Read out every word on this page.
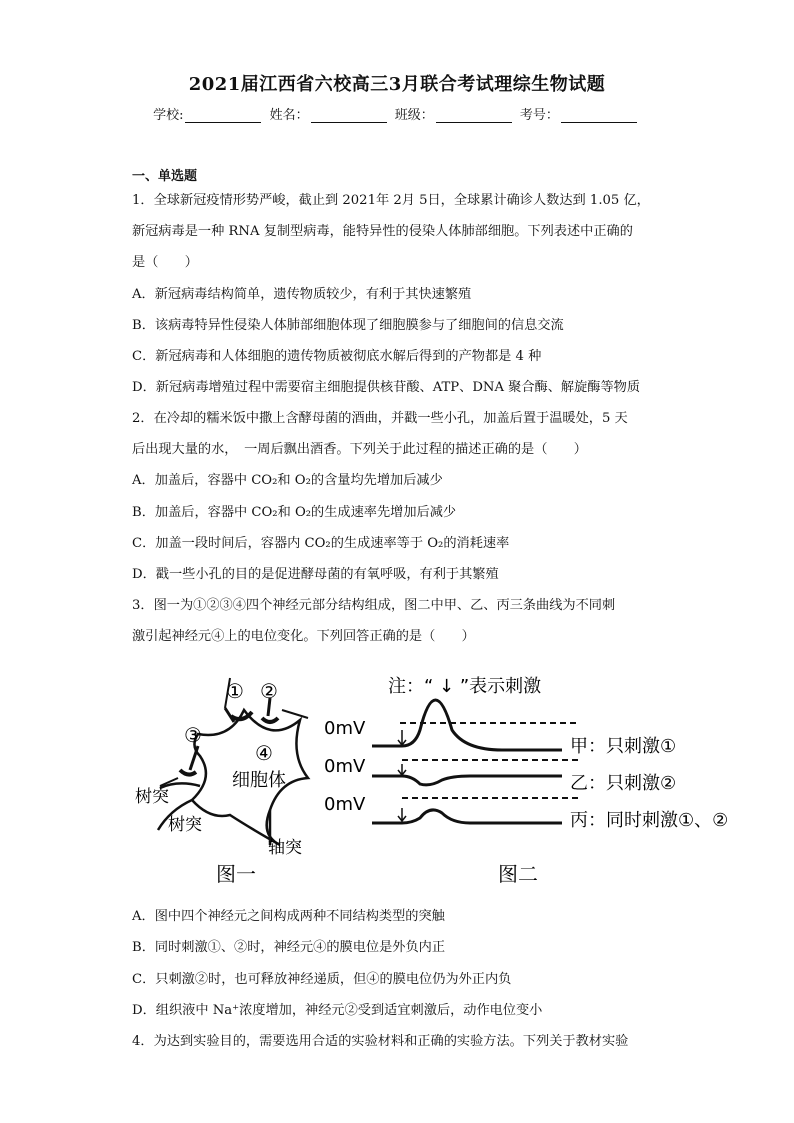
2021届江西省六校高三3月联合考试理综生物试题
学校:	姓名：	班级：	考号：
一、单选题
1．全球新冠疫情形势严峻，截止到 2021年 2月 5日，全球累计确诊人数达到 1.05 亿，
新冠病毒是一种 RNA 复制型病毒，能特异性的侵染人体肺部细胞。下列表述中正确的
是（　　）
A．新冠病毒结构简单，遗传物质较少，有利于其快速繁殖
B．该病毒特异性侵染人体肺部细胞体现了细胞膜参与了细胞间的信息交流
C．新冠病毒和人体细胞的遗传物质被彻底水解后得到的产物都是 4 种
D．新冠病毒增殖过程中需要宿主细胞提供核苷酸、ATP、DNA 聚合酶、解旋酶等物质
2．在冷却的糯米饭中撒上含酵母菌的酒曲，并戳一些小孔，加盖后置于温暖处，5 天
后出现大量的水，　一周后飘出酒香。下列关于此过程的描述正确的是（　　）
A．加盖后，容器中 CO₂和 O₂的含量均先增加后减少
B．加盖后，容器中 CO₂和 O₂的生成速率先增加后减少
C．加盖一段时间后，容器内 CO₂的生成速率等于 O₂的消耗速率
D．戳一些小孔的目的是促进酵母菌的有氧呼吸，有利于其繁殖
3．图一为①②③④四个神经元部分结构组成，图二中甲、乙、丙三条曲线为不同刺
激引起神经元④上的电位变化。下列回答正确的是（　　）
① ②
③
④
细胞体
树突
树突
轴突
图一
注：“ ↓ ”表示刺激
0mV
0mV
0mV
甲：只刺激①
乙：只刺激②
丙：同时刺激①、②
图二
A．图中四个神经元之间构成两种不同结构类型的突触
B．同时刺激①、②时，神经元④的膜电位是外负内正
C．只刺激②时，也可释放神经递质，但④的膜电位仍为外正内负
D．组织液中 Na⁺浓度增加，神经元②受到适宜刺激后，动作电位变小
4．为达到实验目的，需要选用合适的实验材料和正确的实验方法。下列关于教材实验
